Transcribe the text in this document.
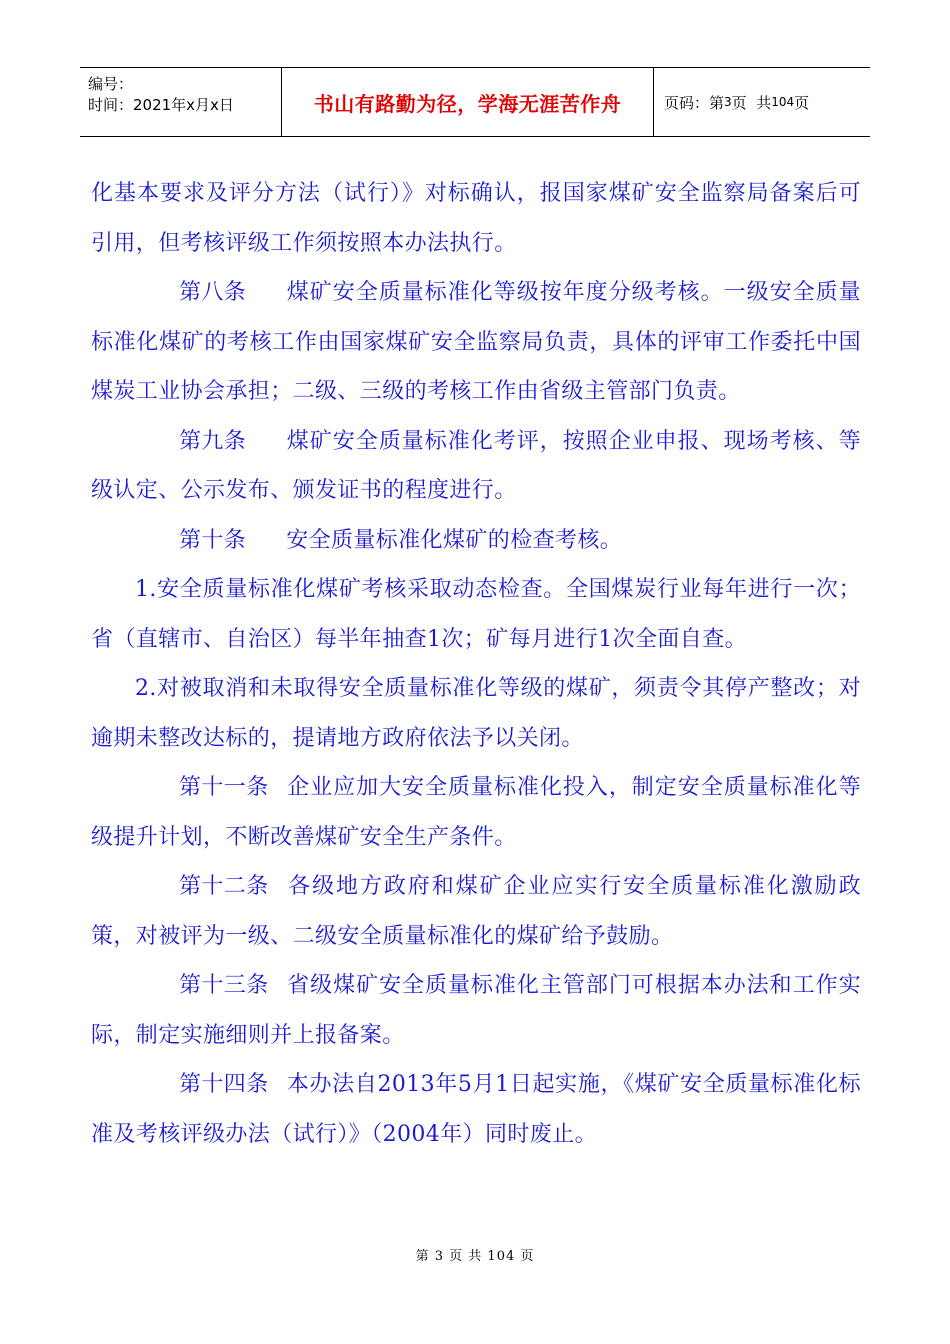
编号：
时间：2021年x月x日	书山有路勤为径，学海无涯苦作舟	页码：第 3 页  共 104 页

化基本要求及评分方法（试行）》对标确认，报国家煤矿安全监察局备案后可引用，但考核评级工作须按照本办法执行。

第八条 煤矿安全质量标准化等级按年度分级考核。一级安全质量标准化煤矿的考核工作由国家煤矿安全监察局负责，具体的评审工作委托中国煤炭工业协会承担；二级、三级的考核工作由省级主管部门负责。

第九条 煤矿安全质量标准化考评，按照企业申报、现场考核、等级认定、公示发布、颁发证书的程度进行。

第十条 安全质量标准化煤矿的检查考核。

1.安全质量标准化煤矿考核采取动态检查。全国煤炭行业每年进行一次；省（直辖市、自治区）每半年抽查1次；矿每月进行1次全面自查。

2.对被取消和未取得安全质量标准化等级的煤矿，须责令其停产整改；对逾期未整改达标的，提请地方政府依法予以关闭。

第十一条 企业应加大安全质量标准化投入，制定安全质量标准化等级提升计划，不断改善煤矿安全生产条件。

第十二条 各级地方政府和煤矿企业应实行安全质量标准化激励政策，对被评为一级、二级安全质量标准化的煤矿给予鼓励。

第十三条 省级煤矿安全质量标准化主管部门可根据本办法和工作实际，制定实施细则并上报备案。

第十四条 本办法自2013年5月1日起实施，《煤矿安全质量标准化标准及考核评级办法（试行）》（2004年）同时废止。

第 3 页 共 104 页
